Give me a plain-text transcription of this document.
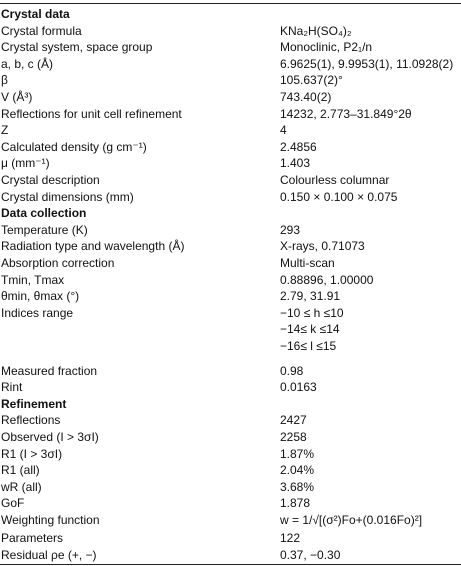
Crystal data
Crystal formula	KNa₂H(SO₄)₂
Crystal system, space group	Monoclinic, P2₁/n
a, b, c (Å)	6.9625(1), 9.9953(1), 11.0928(2)
β	105.637(2)°
V (Å³)	743.40(2)
Reflections for unit cell refinement	14232, 2.773–31.849°2θ
Z	4
Calculated density (g cm⁻¹)	2.4856
μ (mm⁻¹)	1.403
Crystal description	Colourless columnar
Crystal dimensions (mm)	0.150 × 0.100 × 0.075
Data collection
Temperature (K)	293
Radiation type and wavelength (Å)	X-rays, 0.71073
Absorption correction	Multi-scan
Tmin, Tmax	0.88896, 1.00000
θmin, θmax (°)	2.79, 31.91
Indices range	−10 ≤ h ≤10
−14≤ k ≤14
−16≤ l ≤15
Measured fraction	0.98
Rint	0.0163
Refinement
Reflections	2427
Observed (I > 3σI)	2258
R1 (I > 3σI)	1.87%
R1 (all)	2.04%
wR (all)	3.68%
GoF	1.878
Weighting function	w = 1/√[(σ²)Fo+(0.016Fo)²]
Parameters	122
Residual ρe (+, −)	0.37, −0.30
